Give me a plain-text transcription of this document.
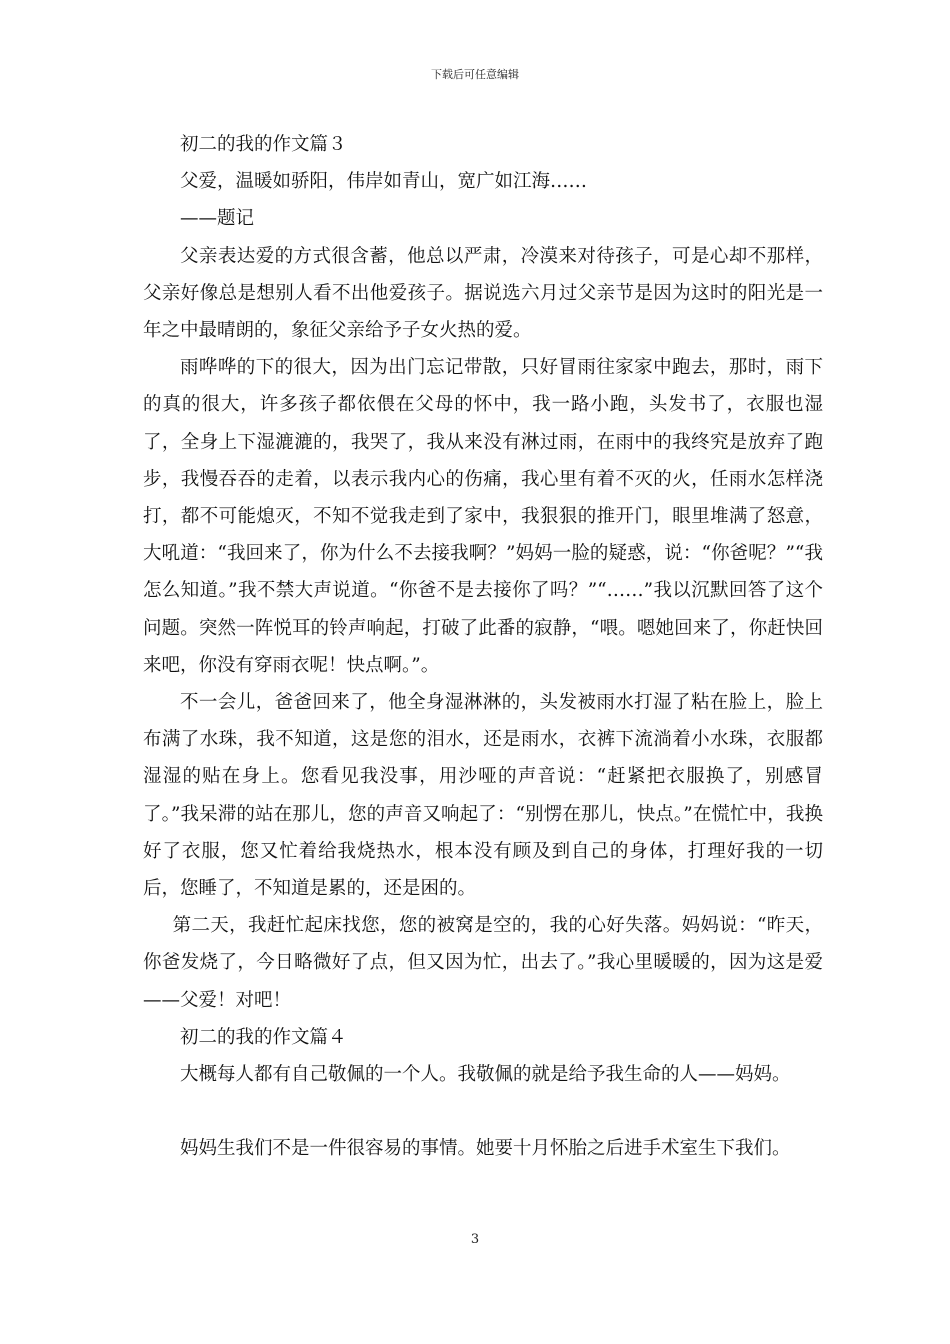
下载后可任意编辑

初二的我的作文篇３

父爱，温暖如骄阳，伟岸如青山，宽广如江海……

——题记

父亲表达爱的方式很含蓄，他总以严肃，冷漠来对待孩子，可是心却不那样，父亲好像总是想别人看不出他爱孩子。据说选六月过父亲节是因为这时的阳光是一年之中最晴朗的，象征父亲给予子女火热的爱。

雨哗哗的下的很大，因为出门忘记带散，只好冒雨往家家中跑去，那时，雨下的真的很大，许多孩子都依偎在父母的怀中，我一路小跑，头发书了，衣服也湿了，全身上下湿漉漉的，我哭了，我从来没有淋过雨，在雨中的我终究是放弃了跑步，我慢吞吞的走着，以表示我内心的伤痛，我心里有着不灭的火，任雨水怎样浇打，都不可能熄灭，不知不觉我走到了家中，我狠狠的推开门，眼里堆满了怒意，大吼道：“我回来了，你为什么不去接我啊？”妈妈一脸的疑惑，说：“你爸呢？”“我怎么知道。”我不禁大声说道。“你爸不是去接你了吗？”“……”我以沉默回答了这个问题。突然一阵悦耳的铃声响起，打破了此番的寂静，“喂。嗯她回来了，你赶快回来吧，你没有穿雨衣呢！快点啊。”。

不一会儿，爸爸回来了，他全身湿淋淋的，头发被雨水打湿了粘在脸上，脸上布满了水珠，我不知道，这是您的泪水，还是雨水，衣裤下流淌着小水珠，衣服都湿湿的贴在身上。您看见我没事，用沙哑的声音说：“赶紧把衣服换了，别感冒了。”我呆滞的站在那儿，您的声音又响起了：“别愣在那儿，快点。”在慌忙中，我换好了衣服，您又忙着给我烧热水，根本没有顾及到自己的身体，打理好我的一切后，您睡了，不知道是累的，还是困的。

第二天，我赶忙起床找您，您的被窝是空的，我的心好失落。妈妈说：“昨天，你爸发烧了，今日略微好了点，但又因为忙，出去了。”我心里暖暖的，因为这是爱——父爱！对吧！

初二的我的作文篇４

大概每人都有自己敬佩的一个人。我敬佩的就是给予我生命的人——妈妈。

妈妈生我们不是一件很容易的事情。她要十月怀胎之后进手术室生下我们。

3
